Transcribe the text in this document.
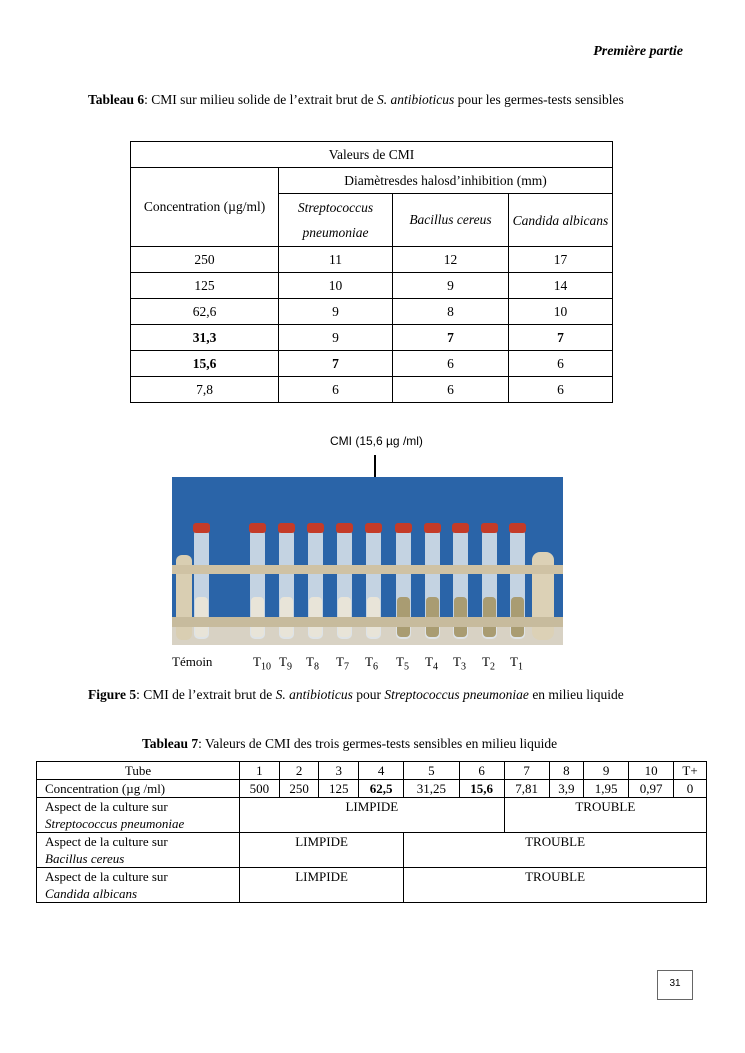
Première partie
Tableau 6: CMI sur milieu solide de l’extrait brut de S. antibioticus pour les germes-tests sensibles
Valeurs de CMI			
Concentration (µg/ml)	Diamètresdes halosd’inhibition (mm)		
	Streptococcus pneumoniae	Bacillus cereus	Candida albicans
250	11	12	17
125	10	9	14
62,6	9	8	10
31,3	9	7	7
15,6	7	6	6
7,8	6	6	6
CMI (15,6 µg /ml)
Témoin	$T_{10}$ $T_9$ $T_8$ $T_7$ $T_6$ $T_5$ $T_4$ $T_3$ $T_2$ $T_1$
Figure 5: CMI de l’extrait brut de S. antibioticus pour Streptococcus pneumoniae en milieu liquide
Tableau 7: Valeurs de CMI des trois germes-tests sensibles en milieu liquide
Tube	1	2	3	4	5	6	7	8	9	10	T+
Concentration (µg /ml)	500	250	125	62,5	31,25	15,6	7,81	3,9	1,95	0,97	0
Aspect de la culture sur
Streptococcus pneumoniae	LIMPIDE						TROUBLE				
Aspect de la culture sur
Bacillus cereus	LIMPIDE				TROUBLE						
Aspect de la culture sur
Candida albicans	LIMPIDE				TROUBLE						
31
